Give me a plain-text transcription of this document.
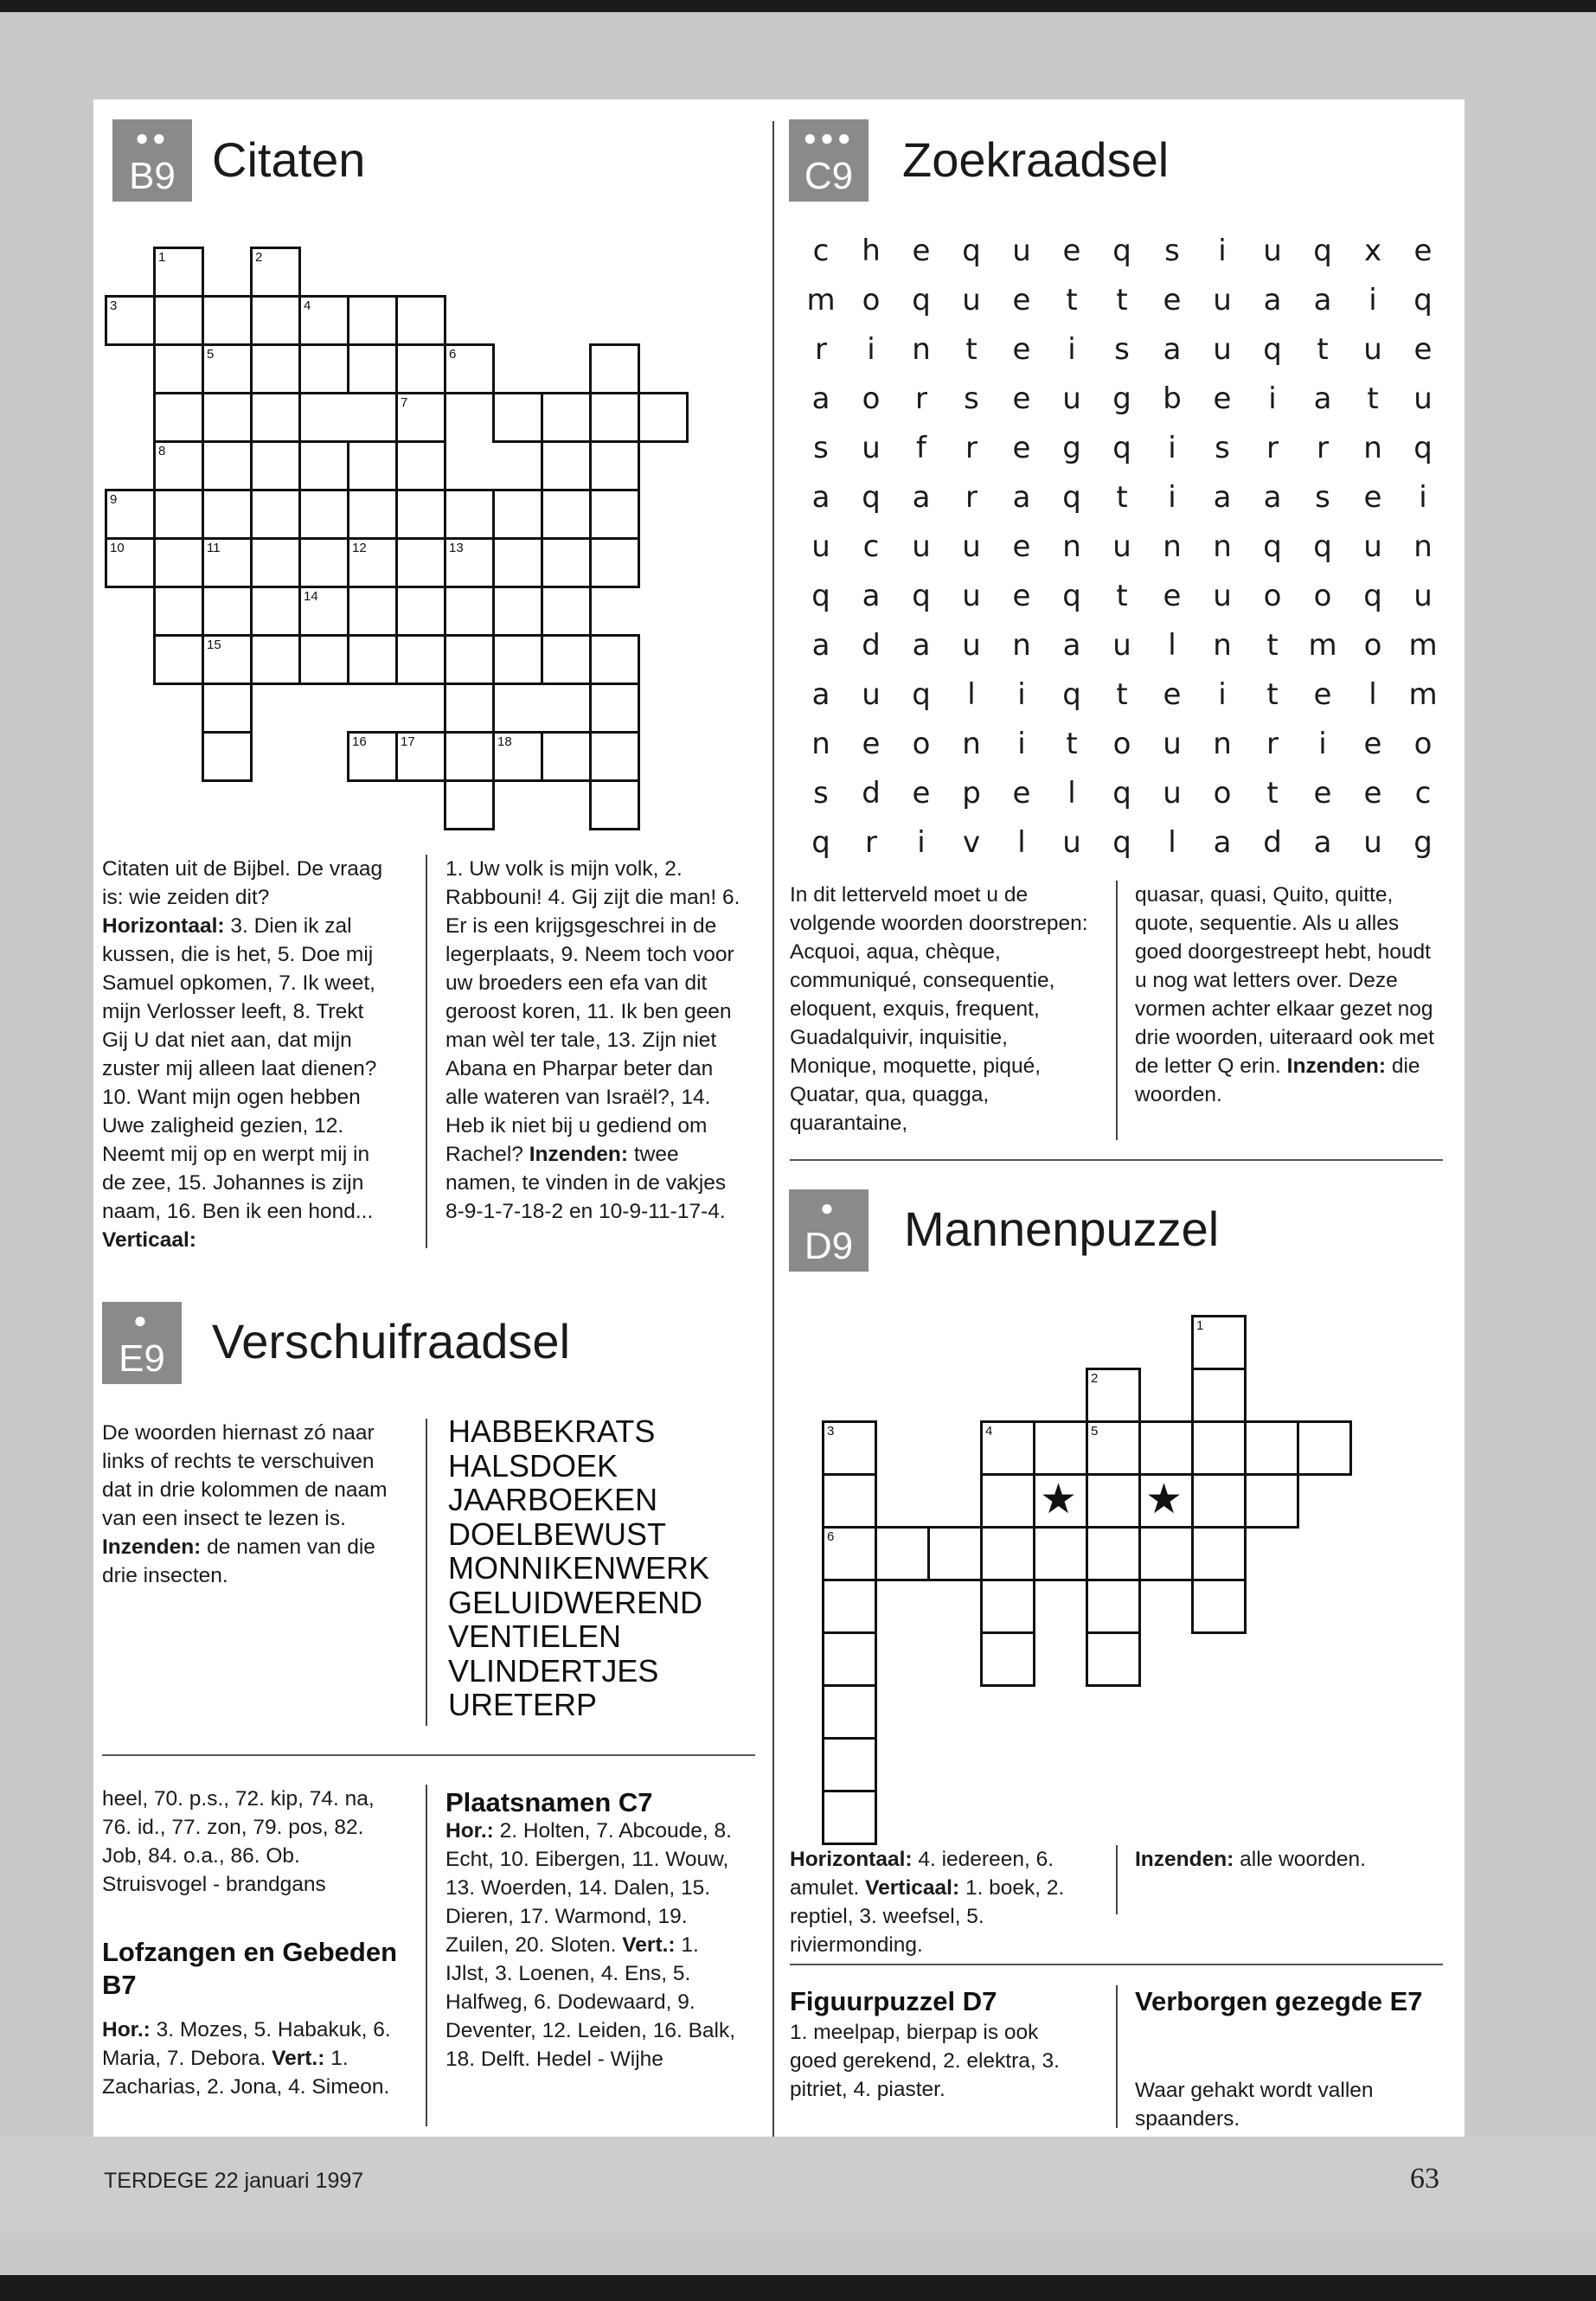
TERDEGE 22 januari 1997	63
●●
B9 Citaten
1	2
3	4
5	6
7
8
9
10	11	12	13
14
15
16	17	18
Citaten uit de Bijbel. De vraag is: wie zeiden dit? Horizontaal: 3. Dien ik zal kussen, die is het, 5. Doe mij Samuel opkomen, 7. Ik weet, mijn Verlosser leeft, 8. Trekt Gij U dat niet aan, dat mijn zuster mij alleen laat dienen? 10. Want mijn ogen hebben Uwe zaligheid gezien, 12. Neemt mij op en werpt mij in de zee, 15. Johannes is zijn naam, 16. Ben ik een hond... Verticaal:
1. Uw volk is mijn volk, 2. Rabbouni! 4. Gij zijt die man! 6. Er is een krijgsgeschrei in de legerplaats, 9. Neem toch voor uw broeders een efa van dit geroost koren, 11. Ik ben geen man wèl ter tale, 13. Zijn niet Abana en Pharpar beter dan alle wateren van Israël?, 14. Heb ik niet bij u gediend om Rachel? Inzenden: twee namen, te vinden in de vakjes 8-9-1-7-18-2 en 10-9-11-17-4.
●●●
C9	Zoekraadsel
c h e q u e q s i u q x e
m o q u e t t e u a a i q
r i n t e i s a u q t u e
a o r s e u g b e i a t u
s u f r e g q i s r r n q
a q a r a q t i a a s e i
u c u u e n u n n q q u n
q a q u e q t e u o o q u
a d a u n a u l n t m o m
a u q l i q t e i t e l m
n e o n i t o u n r i e o
s d e p e l q u o t e e c
q r i v l u q l a d a u g
In dit letterveld moet u de volgende woorden doorstrepen: Acquoi, aqua, chèque, communiqué, consequentie, eloquent, exquis, frequent, Guadalquivir, inquisitie, Monique, moquette, piqué, Quatar, qua, quagga, quarantaine,
quasar, quasi, Quito, quitte, quote, sequentie. Als u alles goed doorgestreept hebt, houdt u nog wat letters over. Deze vormen achter elkaar gezet nog drie woorden, uiteraard ook met de letter Q erin. Inzenden: die woorden.
●
D9	Mannenpuzzel
1
2
3	4	5
6
★ ★
Horizontaal: 4. iedereen, 6. amulet. Verticaal: 1. boek, 2. reptiel, 3. weefsel, 5. riviermonding.
Inzenden: alle woorden.
●
E9 Verschuifraadsel
De woorden hiernast zó naar links of rechts te verschuiven dat in drie kolommen de naam van een insect te lezen is. Inzenden: de namen van die drie insecten.
HABBEKRATS
HALSDOEK
JAARBOEKEN
DOELBEWUST
MONNIKENWERK
GELUIDWEREND
VENTIELEN
VLINDERTJES
URETERP
heel, 70. p.s., 72. kip, 74. na, 76. id., 77. zon, 79. pos, 82. Job, 84. o.a., 86. Ob. Struisvogel - brandgans
Lofzangen en Gebeden B7
Hor.: 3. Mozes, 5. Habakuk, 6. Maria, 7. Debora. Vert.: 1. Zacharias, 2. Jona, 4. Simeon.
Plaatsnamen C7
Hor.: 2. Holten, 7. Abcoude, 8. Echt, 10. Eibergen, 11. Wouw, 13. Woerden, 14. Dalen, 15. Dieren, 17. Warmond, 19. Zuilen, 20. Sloten. Vert.: 1. IJlst, 3. Loenen, 4. Ens, 5. Halfweg, 6. Dodewaard, 9. Deventer, 12. Leiden, 16. Balk, 18. Delft. Hedel - Wijhe
Figuurpuzzel D7
1. meelpap, bierpap is ook goed gerekend, 2. elektra, 3. pitriet, 4. piaster.
Verborgen gezegde E7
Waar gehakt wordt vallen spaanders.
